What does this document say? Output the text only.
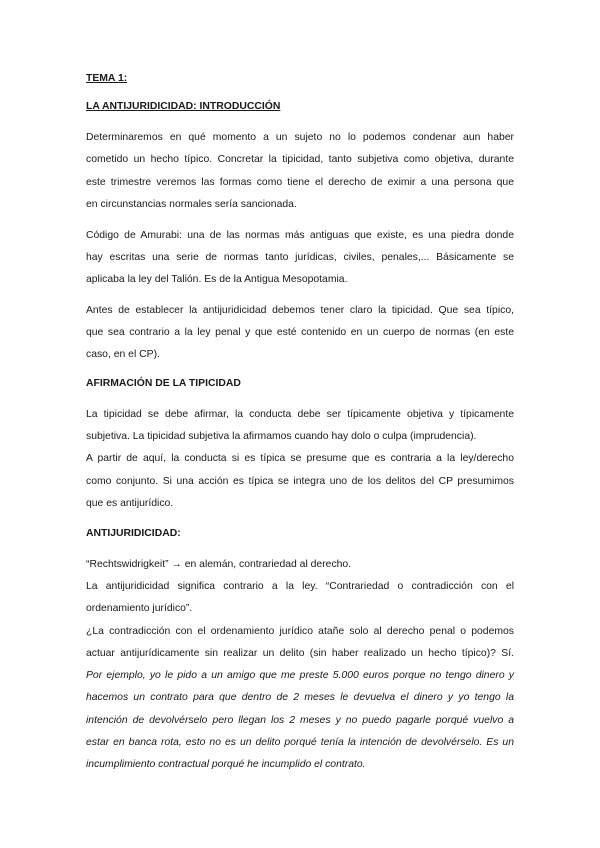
TEMA 1:
LA ANTIJURIDICIDAD: INTRODUCCIÓN
Determinaremos en qué momento a un sujeto no lo podemos condenar aun haber
cometido un hecho típico. Concretar la tipicidad, tanto subjetiva como objetiva, durante
este trimestre veremos las formas como tiene el derecho de eximir a una persona que
en circunstancias normales sería sancionada.
Código de Amurabi: una de las normas más antiguas que existe, es una piedra donde
hay escritas una serie de normas tanto jurídicas, civiles, penales,... Básicamente se
aplicaba la ley del Talión. Es de la Antigua Mesopotamia.
Antes de establecer la antijuridicidad debemos tener claro la tipicidad. Que sea típico,
que sea contrario a la ley penal y que esté contenido en un cuerpo de normas (en este
caso, en el CP).
AFIRMACIÓN DE LA TIPICIDAD
La tipicidad se debe afirmar, la conducta debe ser típicamente objetiva y típicamente
subjetiva. La tipicidad subjetiva la afirmamos cuando hay dolo o culpa (imprudencia).
A partir de aquí, la conducta si es típica se presume que es contraria a la ley/derecho
como conjunto. Si una acción es típica se integra uno de los delitos del CP presumimos
que es antijurídico.
ANTIJURIDICIDAD:
“Rechtswidrigkeit” → en alemán, contrariedad al derecho.
La antijuridicidad significa contrario a la ley. “Contrariedad o contradicción con el
ordenamiento jurídico”.
¿La contradicción con el ordenamiento jurídico atañe solo al derecho penal o podemos
actuar antijurídicamente sin realizar un delito (sin haber realizado un hecho típico)? Sí.
Por ejemplo, yo le pido a un amigo que me preste 5.000 euros porque no tengo dinero y
hacemos un contrato para que dentro de 2 meses le devuelva el dinero y yo tengo la
intención de devolvérselo pero llegan los 2 meses y no puedo pagarle porqué vuelvo a
estar en banca rota, esto no es un delito porqué tenía la intención de devolvérselo. Es un
incumplimiento contractual porqué he incumplido el contrato.
